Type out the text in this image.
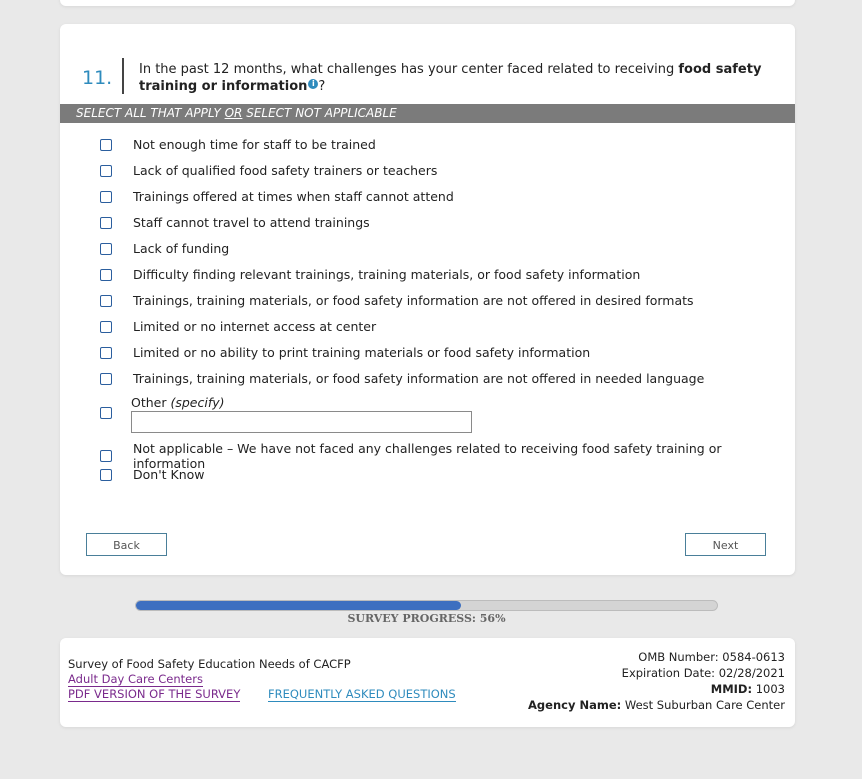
11. In the past 12 months, what challenges has your center faced related to receiving food safety training or information i ?
SELECT ALL THAT APPLY OR SELECT NOT APPLICABLE
Not enough time for staff to be trained
Lack of qualified food safety trainers or teachers
Trainings offered at times when staff cannot attend
Staff cannot travel to attend trainings
Lack of funding
Difficulty finding relevant trainings, training materials, or food safety information
Trainings, training materials, or food safety information are not offered in desired formats
Limited or no internet access at center
Limited or no ability to print training materials or food safety information
Trainings, training materials, or food safety information are not offered in needed language
Other (specify)
Not applicable – We have not faced any challenges related to receiving food safety training or information
Don't Know
Back	Next
SURVEY PROGRESS: 56%
Survey of Food Safety Education Needs of CACFP
Adult Day Care Centers
PDF VERSION OF THE SURVEY FREQUENTLY ASKED QUESTIONS
OMB Number: 0584-0613
Expiration Date: 02/28/2021
MMID: 1003
Agency Name: West Suburban Care Center
